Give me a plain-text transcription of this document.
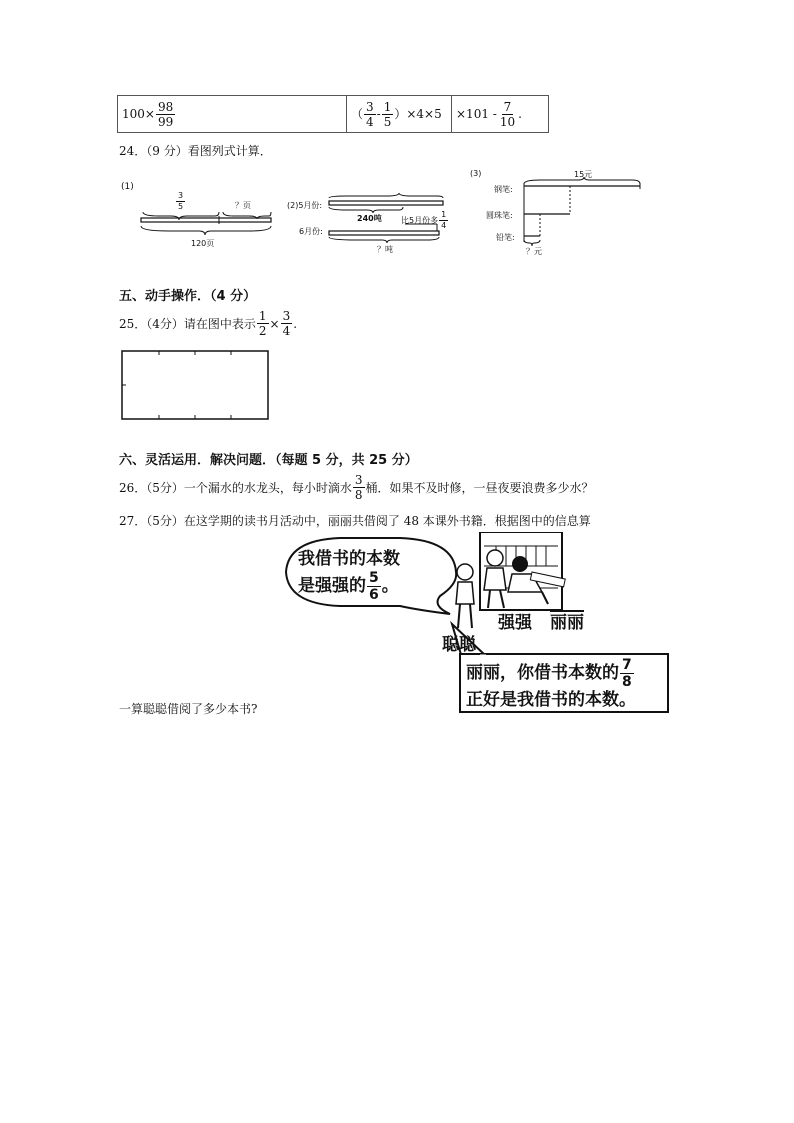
$100\times \frac{98}{99}$	（ $\frac{3}{4} - \frac{1}{5} )\times 4\times 5$	$\times 101 - \frac{7}{10}$ .
24．（9 分）看图列式计算．
(1)
$\frac{3}{5}$	？页
120页
(2)5月份:
6月份:
240吨 比5月份多 $\frac{1}{4}$
？吨
(3)	15元
钢笔:
圆珠笔:
铅笔:
？元
五、动手操作．（4 分）
25．（4分）请在图中表示 $\frac{1}{2} \times \frac{3}{4}$ .
六、灵活运用．解决问题．（每题 5 分，共 25 分）
26．（5分）一个漏水的水龙头，每小时滴水 $\frac{3}{8}$ 桶．如果不及时修，一昼夜要浪费多少水？
27．（5分）在这学期的读书月活动中，丽丽共借阅了 48 本课外书籍．根据图中的信息算
我借书的本数
是强强的 $\frac{5}{6}$ 。
聪聪
强强 丽丽
丽丽，你借书本数的 $\frac{7}{8}$
正好是我借书的本数。
一算聪聪借阅了多少本书?
